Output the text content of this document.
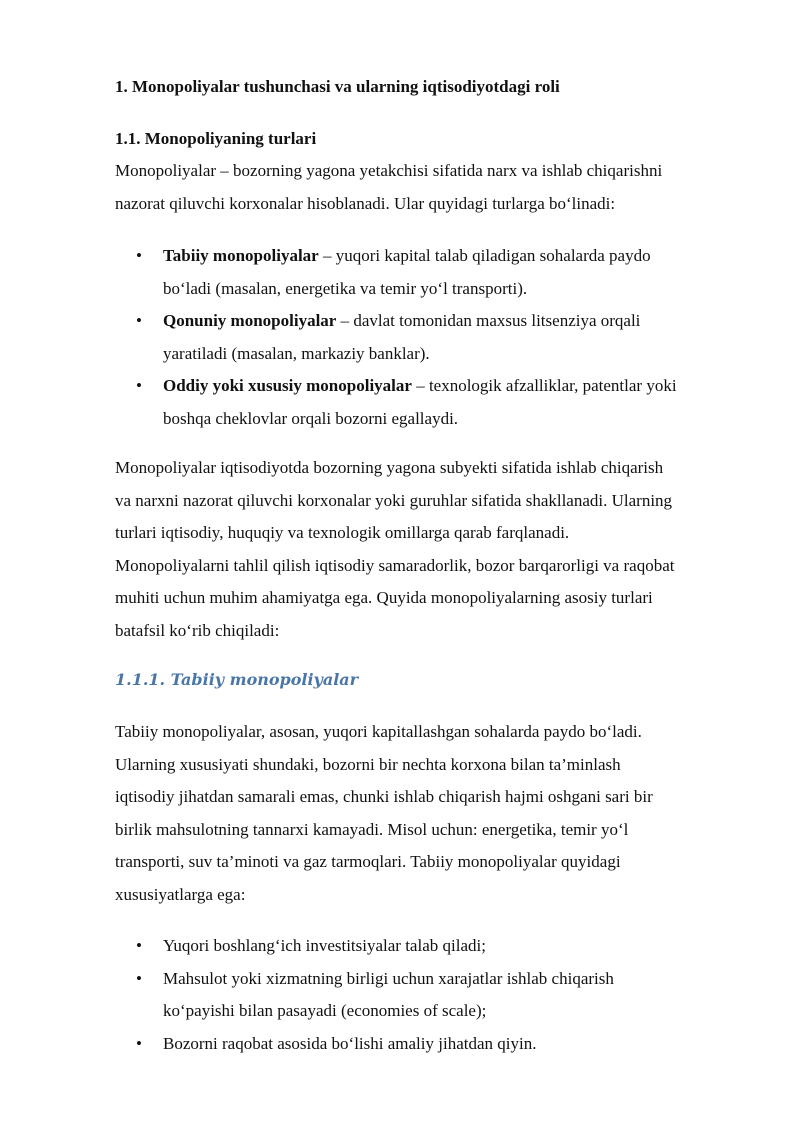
1. Monopoliyalar tushunchasi va ularning iqtisodiyotdagi roli
1.1. Monopoliyaning turlari
Monopoliyalar – bozorning yagona yetakchisi sifatida narx va ishlab chiqarishni
nazorat qiluvchi korxonalar hisoblanadi. Ular quyidagi turlarga bo‘linadi:
• Tabiiy monopoliyalar – yuqori kapital talab qiladigan sohalarda paydo
bo‘ladi (masalan, energetika va temir yo‘l transporti).
• Qonuniy monopoliyalar – davlat tomonidan maxsus litsenziya orqali
yaratiladi (masalan, markaziy banklar).
• Oddiy yoki xususiy monopoliyalar – texnologik afzalliklar, patentlar yoki
boshqa cheklovlar orqali bozorni egallaydi.
Monopoliyalar iqtisodiyotda bozorning yagona subyekti sifatida ishlab chiqarish
va narxni nazorat qiluvchi korxonalar yoki guruhlar sifatida shakllanadi. Ularning
turlari iqtisodiy, huquqiy va texnologik omillarga qarab farqlanadi.
Monopoliyalarni tahlil qilish iqtisodiy samaradorlik, bozor barqarorligi va raqobat
muhiti uchun muhim ahamiyatga ega. Quyida monopoliyalarning asosiy turlari
batafsil ko‘rib chiqiladi:
1.1.1. Tabiiy monopoliyalar
Tabiiy monopoliyalar, asosan, yuqori kapitallashgan sohalarda paydo bo‘ladi.
Ularning xususiyati shundaki, bozorni bir nechta korxona bilan ta’minlash
iqtisodiy jihatdan samarali emas, chunki ishlab chiqarish hajmi oshgani sari bir
birlik mahsulotning tannarxi kamayadi. Misol uchun: energetika, temir yo‘l
transporti, suv ta’minoti va gaz tarmoqlari. Tabiiy monopoliyalar quyidagi
xususiyatlarga ega:
• Yuqori boshlang‘ich investitsiyalar talab qiladi;
• Mahsulot yoki xizmatning birligi uchun xarajatlar ishlab chiqarish
ko‘payishi bilan pasayadi (economies of scale);
• Bozorni raqobat asosida bo‘lishi amaliy jihatdan qiyin.
